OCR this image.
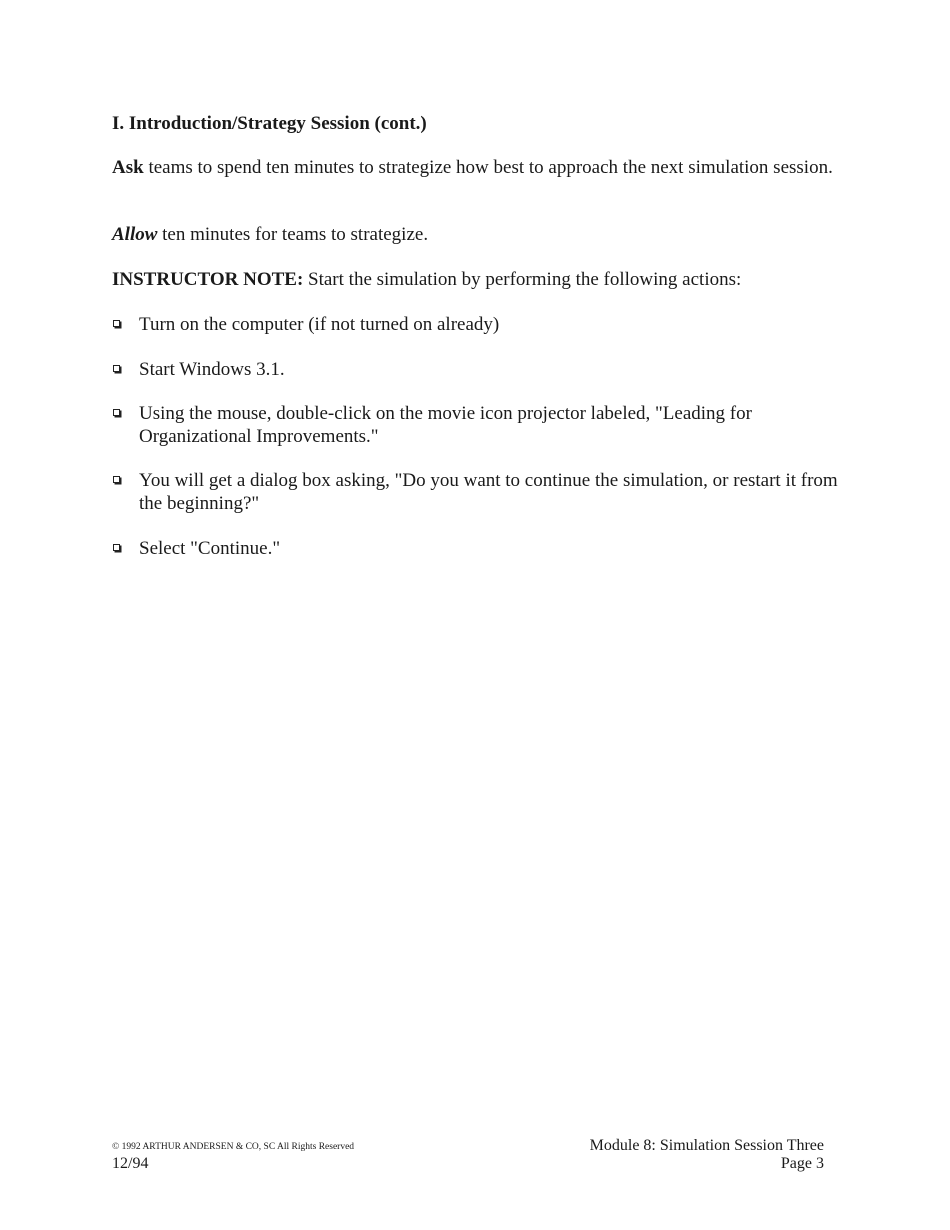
I. Introduction/Strategy Session (cont.)

Ask teams to spend ten minutes to strategize how best to approach the next simulation session.

Allow ten minutes for teams to strategize.

INSTRUCTOR NOTE: Start the simulation by performing the following actions:

Turn on the computer (if not turned on already)
Start Windows 3.1.
Using the mouse, double-click on the movie icon projector labeled, "Leading for Organizational Improvements."
You will get a dialog box asking, "Do you want to continue the simulation, or restart it from the beginning?"
Select "Continue."
© 1992 ARTHUR ANDERSEN & CO, SC All Rights Reserved
12/94
Module 8: Simulation Session Three
Page 3
